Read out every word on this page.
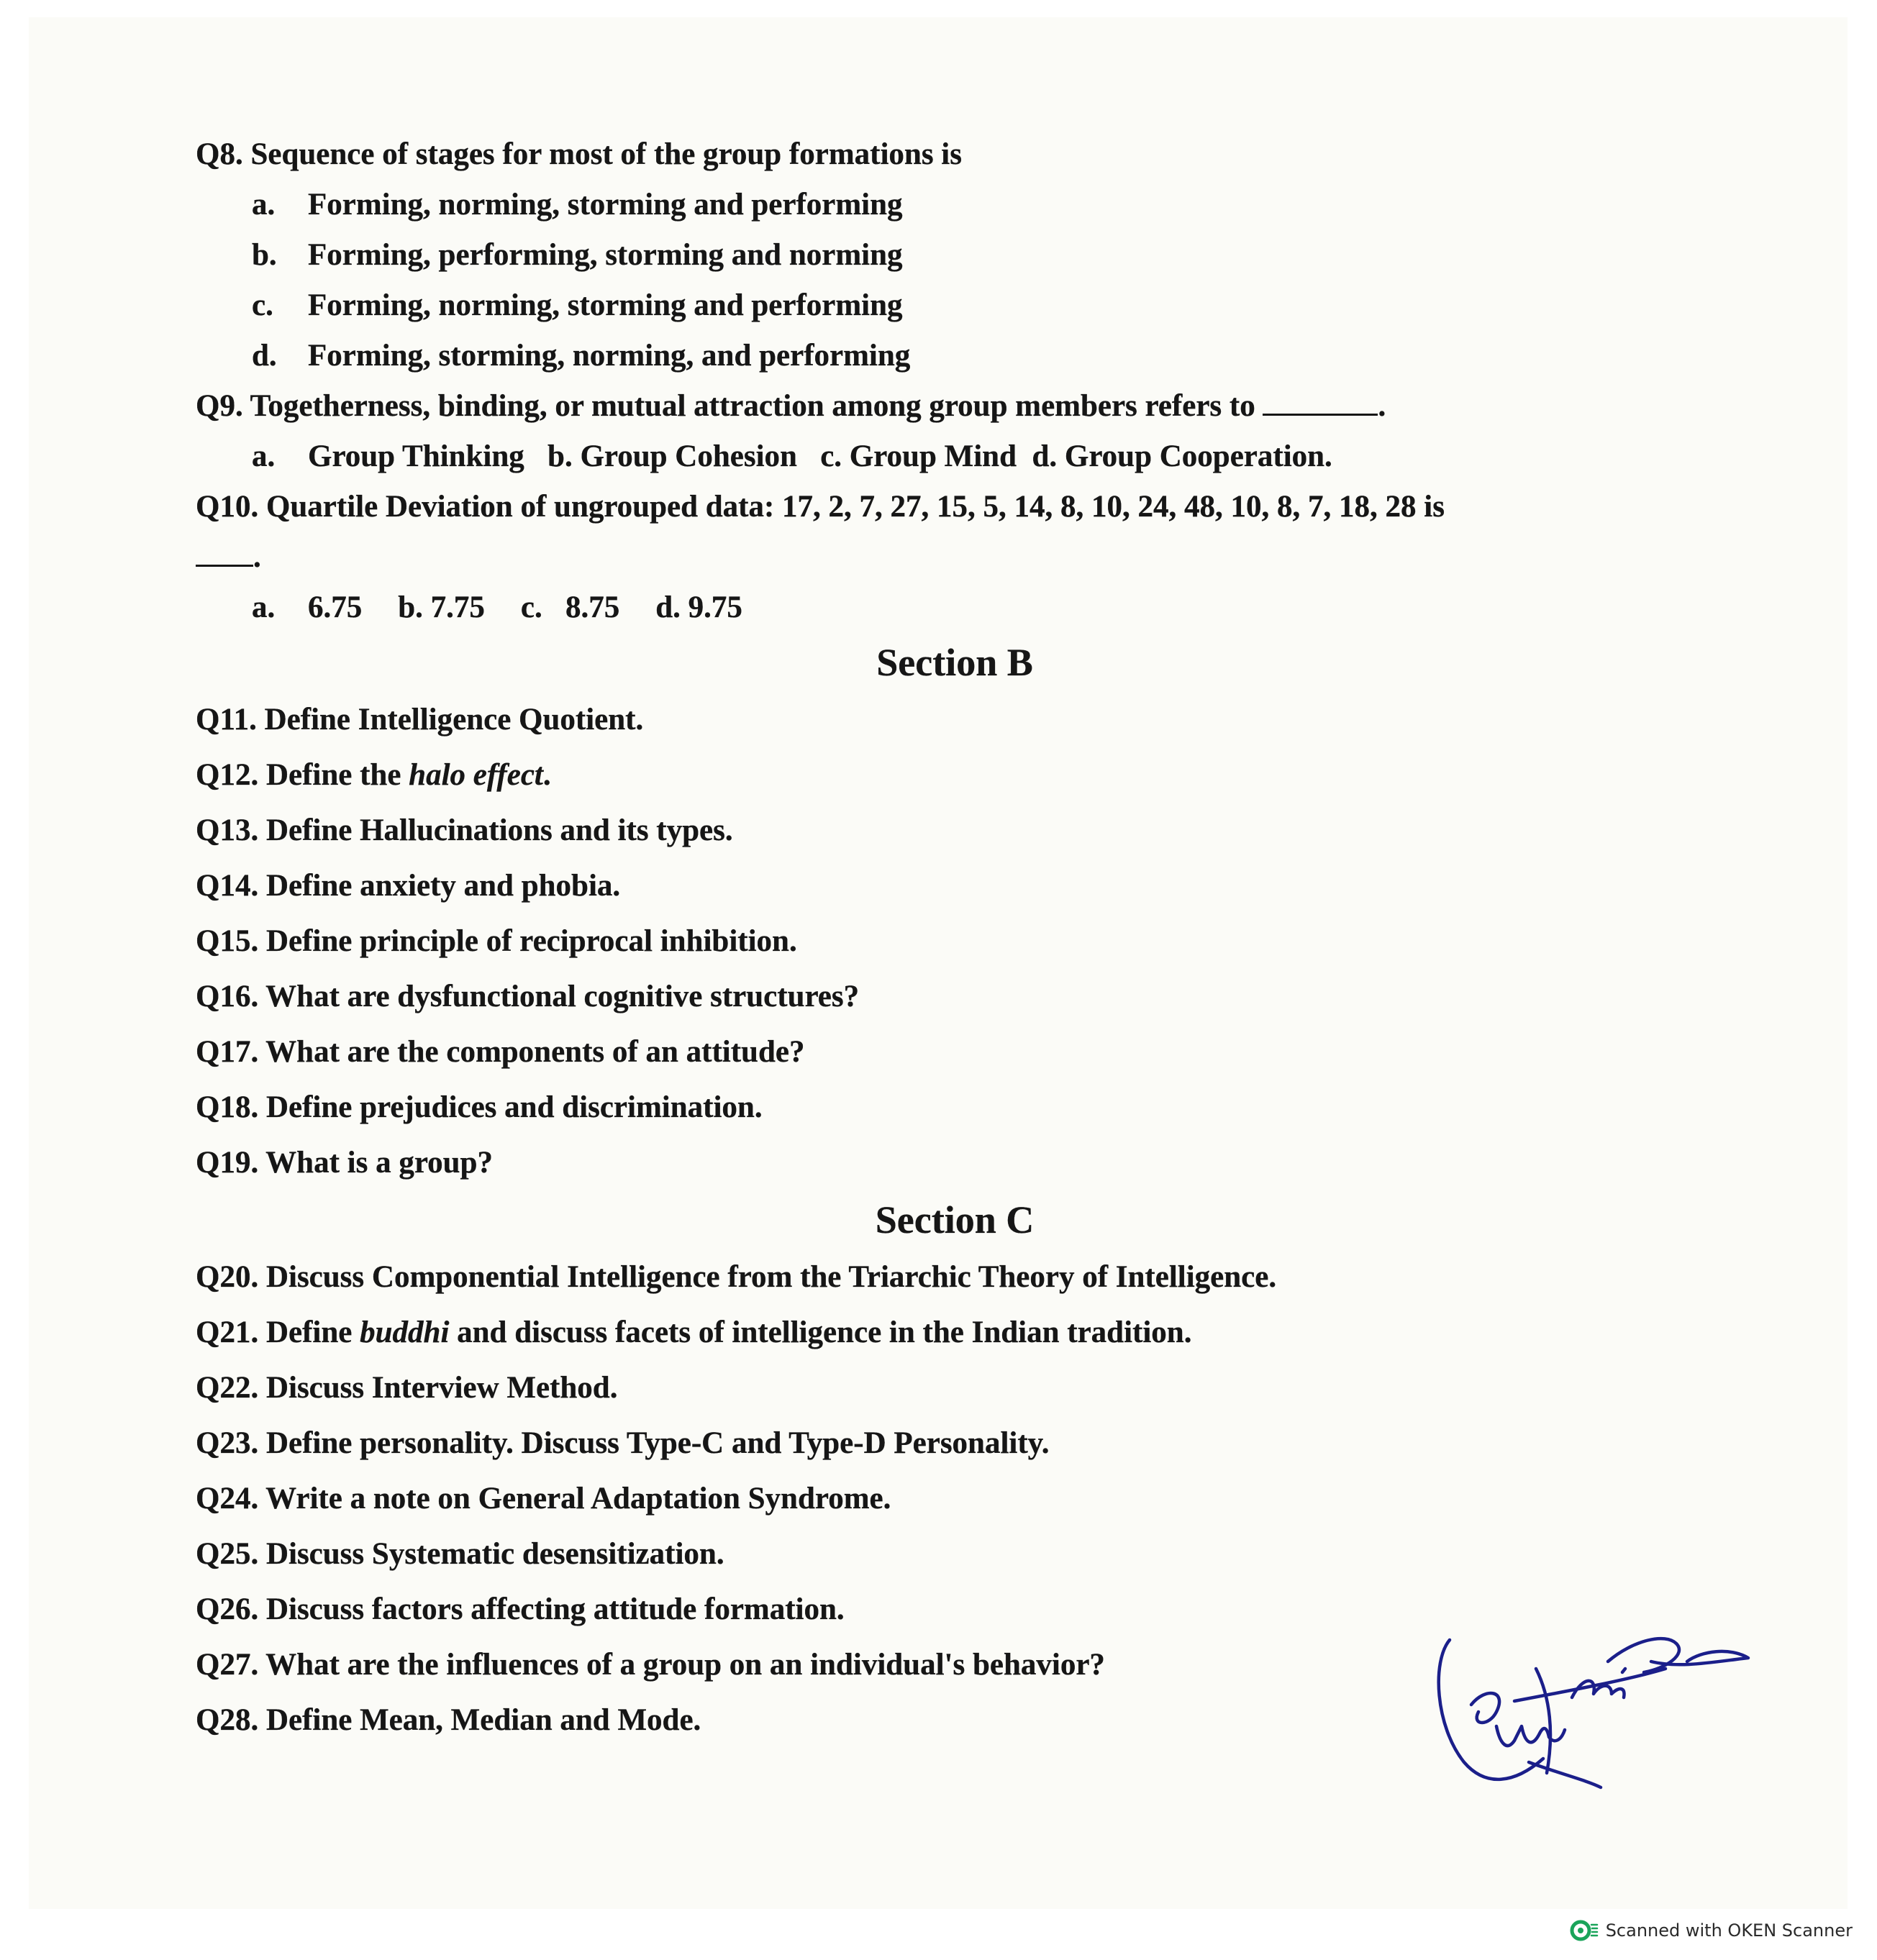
Q8. Sequence of stages for most of the group formations is
a. Forming, norming, storming and performing
b. Forming, performing, storming and norming
c. Forming, norming, storming and performing
d. Forming, storming, norming, and performing
Q9. Togetherness, binding, or mutual attraction among group members refers to	.
a. Group Thinking b. Group Cohesion c. Group Mind d. Group Cooperation.
Q10. Quartile Deviation of ungrouped data: 17, 2, 7, 27, 15, 5, 14, 8, 10, 24, 48, 10, 8, 7, 18, 28 is
.
a. 6.75 b. 7.75 c. 8.75 d. 9.75
Section B
Q11. Define Intelligence Quotient.
Q12. Define the halo effect.
Q13. Define Hallucinations and its types.
Q14. Define anxiety and phobia.
Q15. Define principle of reciprocal inhibition.
Q16. What are dysfunctional cognitive structures?
Q17. What are the components of an attitude?
Q18. Define prejudices and discrimination.
Q19. What is a group?
Section C
Q20. Discuss Componential Intelligence from the Triarchic Theory of Intelligence.
Q21. Define buddhi and discuss facets of intelligence in the Indian tradition.
Q22. Discuss Interview Method.
Q23. Define personality. Discuss Type-C and Type-D Personality.
Q24. Write a note on General Adaptation Syndrome.
Q25. Discuss Systematic desensitization.
Q26. Discuss factors affecting attitude formation.
Q27. What are the influences of a group on an individual's behavior?
Q28. Define Mean, Median and Mode.
Scanned with OKEN Scanner
